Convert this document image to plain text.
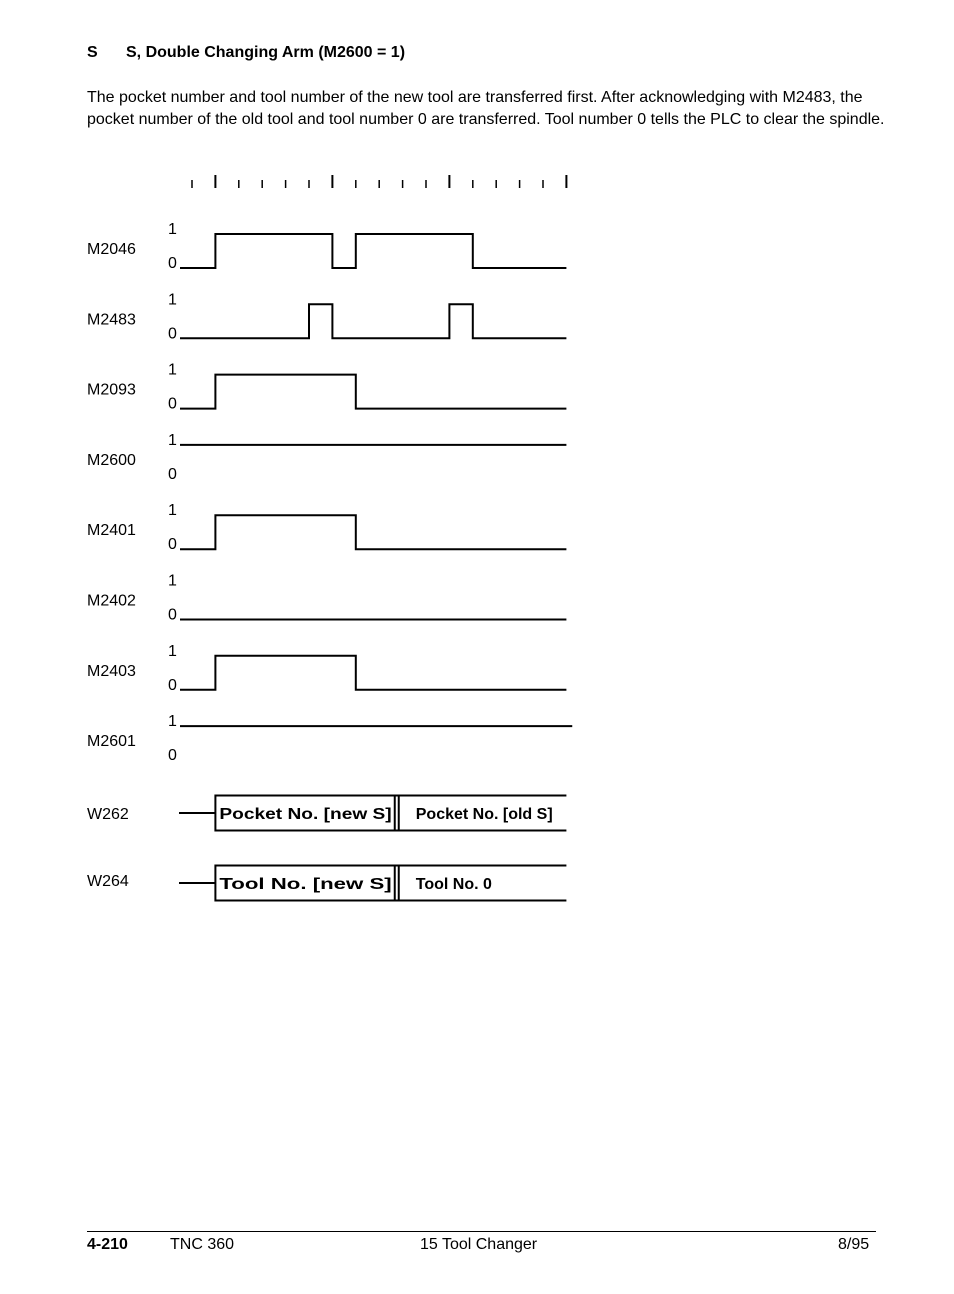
S S, Double Changing Arm (M2600 = 1)

The pocket number and tool number of the new tool are transferred first. After acknowledging with M2483, the pocket number of the old tool and tool number 0 are transferred. Tool number 0 tells the PLC to clear the spindle.

M2046
1
0
M2483
1
0
M2093
1
0
M2600
1
0
M2401
1
0
M2402
1
0
M2403
1
0
M2601
1
0
W262	Pocket No. [new S] Pocket No. [old S]
W264	Tool No. [new S] Tool No. 0
4-210	TNC 360	15 Tool Changer	8/95
